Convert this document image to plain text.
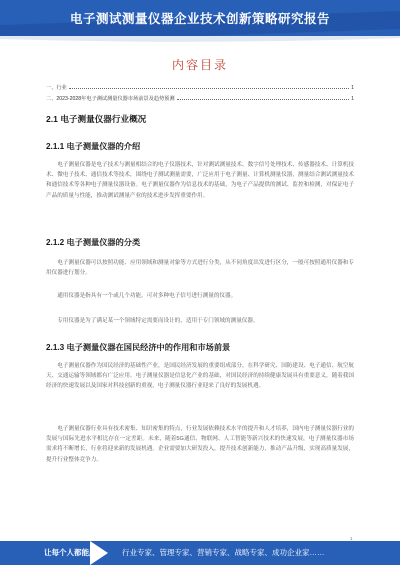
电子测试测量仪器企业技术创新策略研究报告
内容目录
一、行业	1
二、2023-2028年电子测试测量仪器市场前景及趋势预测	1
2.1 电子测量仪器行业概况
2.1.1 电子测量仪器的介绍
电子测量仪器是电子技术与测量相结合的电子仪器技术，针对测试测量技术、数字信号处理技术、传感器技术、计算机技术、微电子技术、通信技术等技术，围绕电子测试测量需要，广泛应用于电子测量、计算机测量仪器，测量结合测试测量技术和通信技术等各种电子测量仪器设备。电子测量仪器作为信息技术的基础，为电子产品提供的测试、监控和检测，对保证电子产品的质量与性能，推动测试测量产业的技术进步发挥重要作用。
2.1.2 电子测量仪器的分类
电子测量仪器可以按照功能、应用领域和测量对象等方式进行分类，从不同角度出发进行区分，一般可按照通用仪器和专用仪器进行划分。
通用仪器是指具有一个或几个功能，可对多种电子信号进行测量的仪器。
专用仪器是为了满足某一个领域特定需要而设计的，适用于专门领域的测量仪器。
2.1.3 电子测量仪器在国民经济中的作用和市场前景
电子测量仪器作为国民经济的基础性产业，是国民经济发展的重要组成部分，在科学研究、国防建设、电子通信、航空航天、交通运输等领域都有广泛应用。电子测量仪器是信息化产业的基础，对国民经济的持续健康发展具有重要意义，随着我国经济的快速发展以及国家对科技创新的重视，电子测量仪器行业迎来了良好的发展机遇。
电子测量仪器行业具有技术密集、知识密集的特点，行业发展依赖技术水平的提升和人才培养，国内电子测量仪器行业的发展与国际先进水平相比存在一定差距。未来，随着5G通信、物联网、人工智能等新兴技术的快速发展，电子测量仪器市场需求将不断增长，行业将迎来新的发展机遇。企业需要加大研发投入，提升技术创新能力，推动产品升级，实现高质量发展，提升行业整体竞争力。
1
让每个人都能成为 行业专家、管理专家、营销专家、战略专家、成功企业家……
